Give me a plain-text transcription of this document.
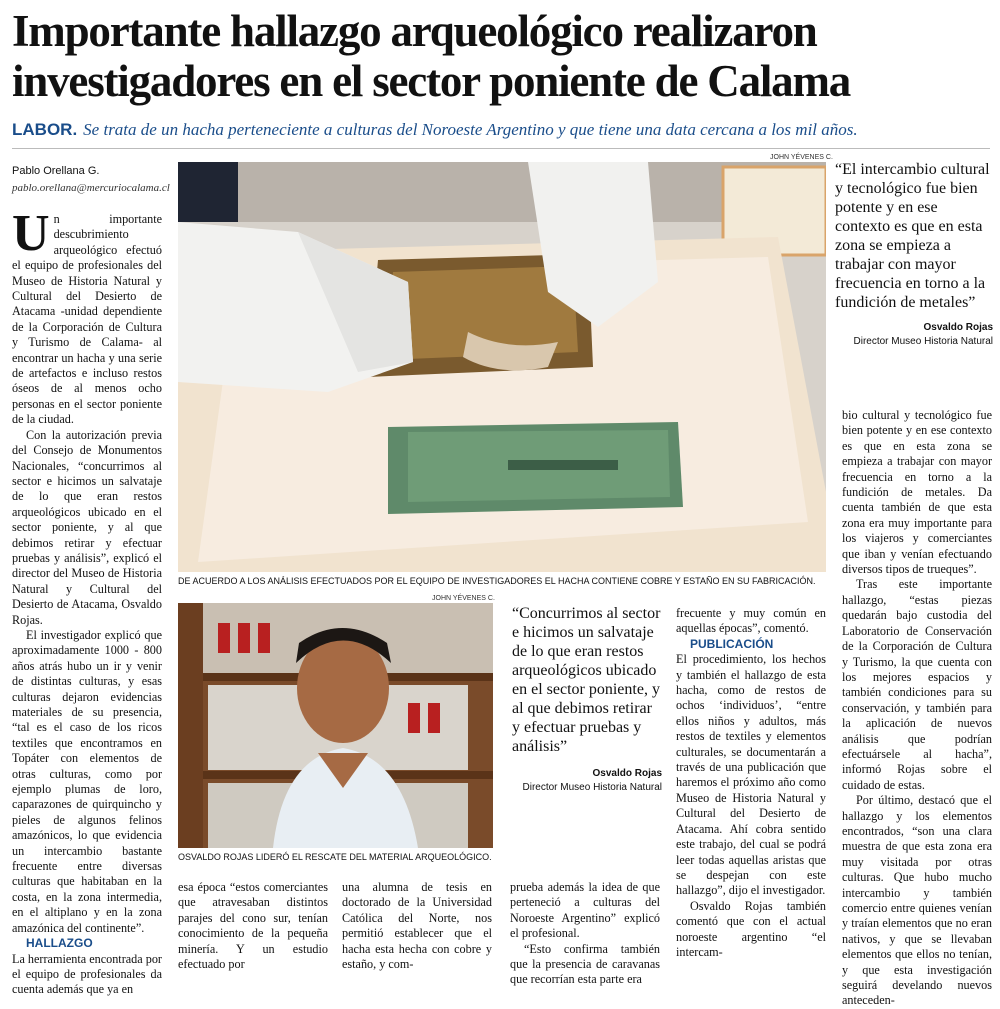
Importante hallazgo arqueológico realizaron
investigadores en el sector poniente de Calama
LABOR. Se trata de un hacha perteneciente a culturas del Noroeste Argentino y que tiene una data cercana a los mil años.
Pablo Orellana G.
pablo.orellana@mercuriocalama.cl

Un importante descubrimiento arqueológico efectuó el equipo de profesionales del Museo de Historia Natural y Cultural del Desierto de Atacama -unidad dependiente de la Corporación de Cultura y Turismo de Calama- al encontrar un hacha y una serie de artefactos e incluso restos óseos de al menos ocho personas en el sector poniente de la ciudad.

Con la autorización previa del Consejo de Monumentos Nacionales, “concurrimos al sector e hicimos un salvataje de lo que eran restos arqueológicos ubicado en el sector poniente, y al que debimos retirar y efectuar pruebas y análisis”, explicó el director del Museo de Historia Natural y Cultural del Desierto de Atacama, Osvaldo Rojas.

El investigador explicó que aproximadamente 1000 - 800 años atrás hubo un ir y venir de distintas culturas, y esas culturas dejaron evidencias materiales de su presencia, “tal es el caso de los ricos textiles que encontramos en Topáter con elementos de otras culturas, como por ejemplo plumas de loro, caparazones de quirquincho y pieles de algunos felinos amazónicos, lo que evidencia un intercambio bastante frecuente entre diversas culturas que habitaban en la costa, en la zona intermedia, en el altiplano y en la zona amazónica del continente”.

HALLAZGO

La herramienta encontrada por el equipo de profesionales da cuenta además que ya en

JOHN YÉVENES C.
DE ACUERDO A LOS ANÁLISIS EFECTUADOS POR EL EQUIPO DE INVESTIGADORES EL HACHA CONTIENE COBRE Y ESTAÑO EN SU FABRICACIÓN.
“El intercambio cultural y tecnológico fue bien potente y en ese contexto es que en esta zona se empieza a trabajar con mayor frecuencia en torno a la fundición de metales”
Osvaldo Rojas
Director Museo Historia Natural
JOHN YÉVENES C.
OSVALDO ROJAS LIDERÓ EL RESCATE DEL MATERIAL ARQUEOLÓGICO.
“Concurrimos al sector e hicimos un salvataje de lo que eran restos arqueológicos ubicado en el sector poniente, y al que debimos retirar y efectuar pruebas y análisis”
Osvaldo Rojas
Director Museo Historia Natural

esa época “estos comerciantes que atravesaban distintos parajes del cono sur, tenían conocimiento de la pequeña minería. Y un estudio efectuado por

una alumna de tesis en doctorado de la Universidad Católica del Norte, nos permitió establecer que el hacha esta hecha con cobre y estaño, y com-

prueba además la idea de que perteneció a culturas del Noroeste Argentino” explicó el profesional.

“Esto confirma también que la presencia de caravanas que recorrían esta parte era

frecuente y muy común en aquellas épocas”, comentó.

PUBLICACIÓN

El procedimiento, los hechos y también el hallazgo de esta hacha, como de restos de ochos ‘individuos’, “entre ellos niños y adultos, más restos de textiles y elementos culturales, se documentarán a través de una publicación que haremos el próximo año como Museo de Historia Natural y Cultural del Desierto de Atacama. Ahí cobra sentido este trabajo, del cual se podrá leer todas aquellas aristas que se despejan con este hallazgo”, dijo el investigador.

Osvaldo Rojas también comentó que con el actual noroeste argentino “el intercam-

bio cultural y tecnológico fue bien potente y en ese contexto es que en esta zona se empieza a trabajar con mayor frecuencia en torno a la fundición de metales. Da cuenta también de que esta zona era muy importante para los viajeros y comerciantes que iban y venían efectuando diversos tipos de trueques”.

Tras este importante hallazgo, “estas piezas quedarán bajo custodia del Laboratorio de Conservación de la Corporación de Cultura y Turismo, la que cuenta con los mejores espacios y también condiciones para su conservación, y también para la aplicación de nuevos análisis que podrían efectuársele al hacha”, informó Rojas sobre el cuidado de estas.

Por último, destacó que el hallazgo y los elementos encontrados, “son una clara muestra de que esta zona era muy visitada por otras culturas. Que hubo mucho intercambio y también comercio entre quienes venían y traían elementos que no eran nativos, y que se llevaban elementos que ellos no tenían, y que esta investigación seguirá develando nuevos anteceden-
